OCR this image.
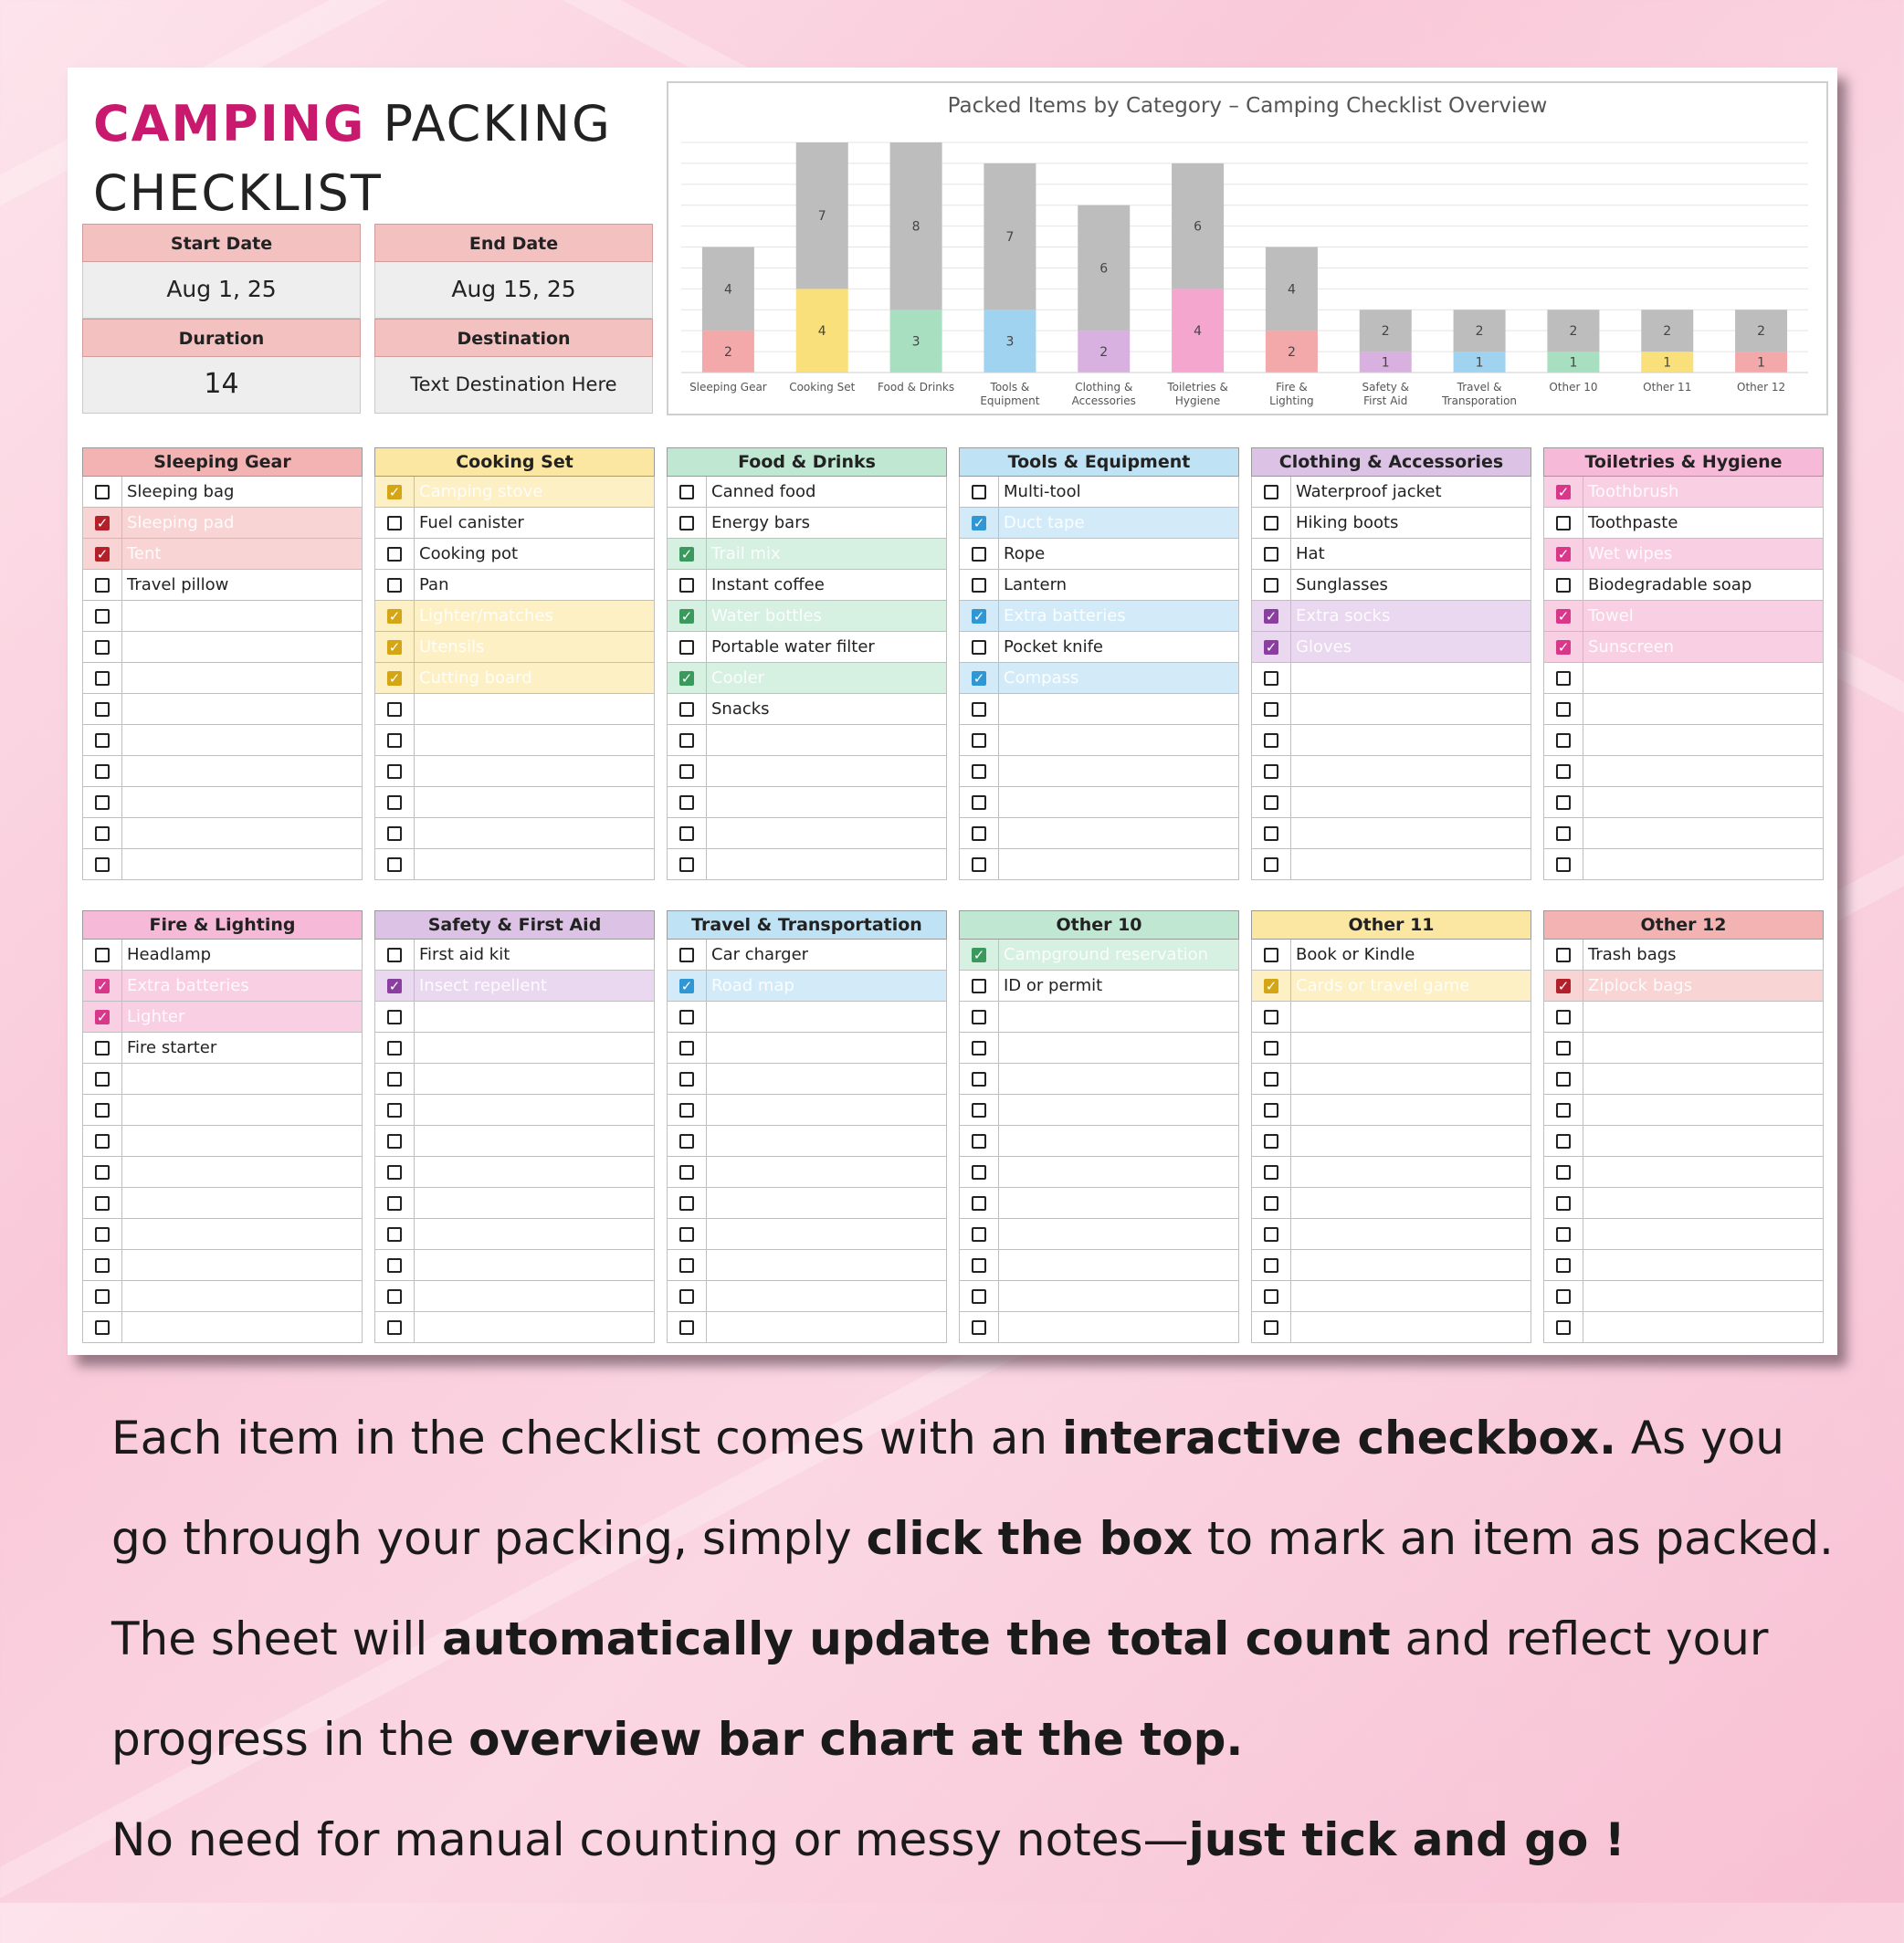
CAMPING PACKING
CHECKLIST
Start Date
Aug 1, 25
End Date
Aug 15, 25
Duration
14
Destination
Text Destination Here
Packed Items by Category – Camping Checklist Overview
2
4
Sleeping Gear
4
7
Cooking Set
3
8
Food & Drinks
3
7
Tools &
Equipment
2
6
Clothing &
Accessories
4
6
Toiletries &
Hygiene
2
4
Fire &
Lighting
1
2
Safety &
First Aid
1
2
Travel &
Transporation
1
2
Other 10
1
2
Other 11
1
2
Other 12
Sleeping Gear
Sleeping bag
✓ Sleeping pad
✓ Tent
Travel pillow
Cooking Set
✓ Camping stove
Fuel canister
Cooking pot
Pan
✓ Lighter/matches
✓ Utensils
✓ Cutting board
Food & Drinks
Canned food
Energy bars
✓ Trail mix
Instant coffee
✓ Water bottles
Portable water filter
✓ Cooler
Snacks
Tools & Equipment
Multi-tool
✓ Duct tape
Rope
Lantern
✓ Extra batteries
Pocket knife
✓ Compass
Clothing & Accessories
Waterproof jacket
Hiking boots
Hat
Sunglasses
✓ Extra socks
✓ Gloves
Toiletries & Hygiene
✓ Toothbrush
Toothpaste
✓ Wet wipes
Biodegradable soap
✓ Towel
✓ Sunscreen
Fire & Lighting
Headlamp
✓ Extra batteries
✓ Lighter
Fire starter
Safety & First Aid
First aid kit
✓ Insect repellent
Travel & Transportation
Car charger
✓ Road map
Other 10
✓ Campground reservation
ID or permit
Other 11
Book or Kindle
✓ Cards or travel game
Other 12
Trash bags
✓ Ziplock bags
Each item in the checklist comes with an interactive checkbox. As you go through your packing, simply click the box to mark an item as packed. The sheet will automatically update the total count and reflect your progress in the overview bar chart at the top.
No need for manual counting or messy notes—just tick and go !
